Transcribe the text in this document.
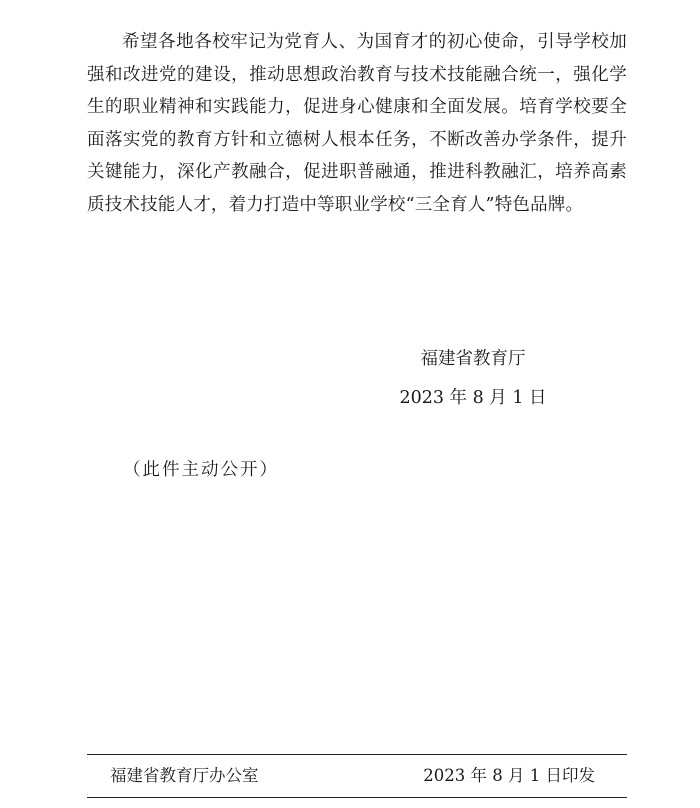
希望各地各校牢记为党育人、为国育才的初心使命，引导学校加强和改进党的建设，推动思想政治教育与技术技能融合统一，强化学生的职业精神和实践能力，促进身心健康和全面发展。培育学校要全面落实党的教育方针和立德树人根本任务，不断改善办学条件，提升关键能力，深化产教融合，促进职普融通，推进科教融汇，培养高素质技术技能人才，着力打造中等职业学校“三全育人”特色品牌。

福建省教育厅
2023 年 8 月 1 日
（此件主动公开）
福建省教育厅办公室	2023 年 8 月 1 日印发
